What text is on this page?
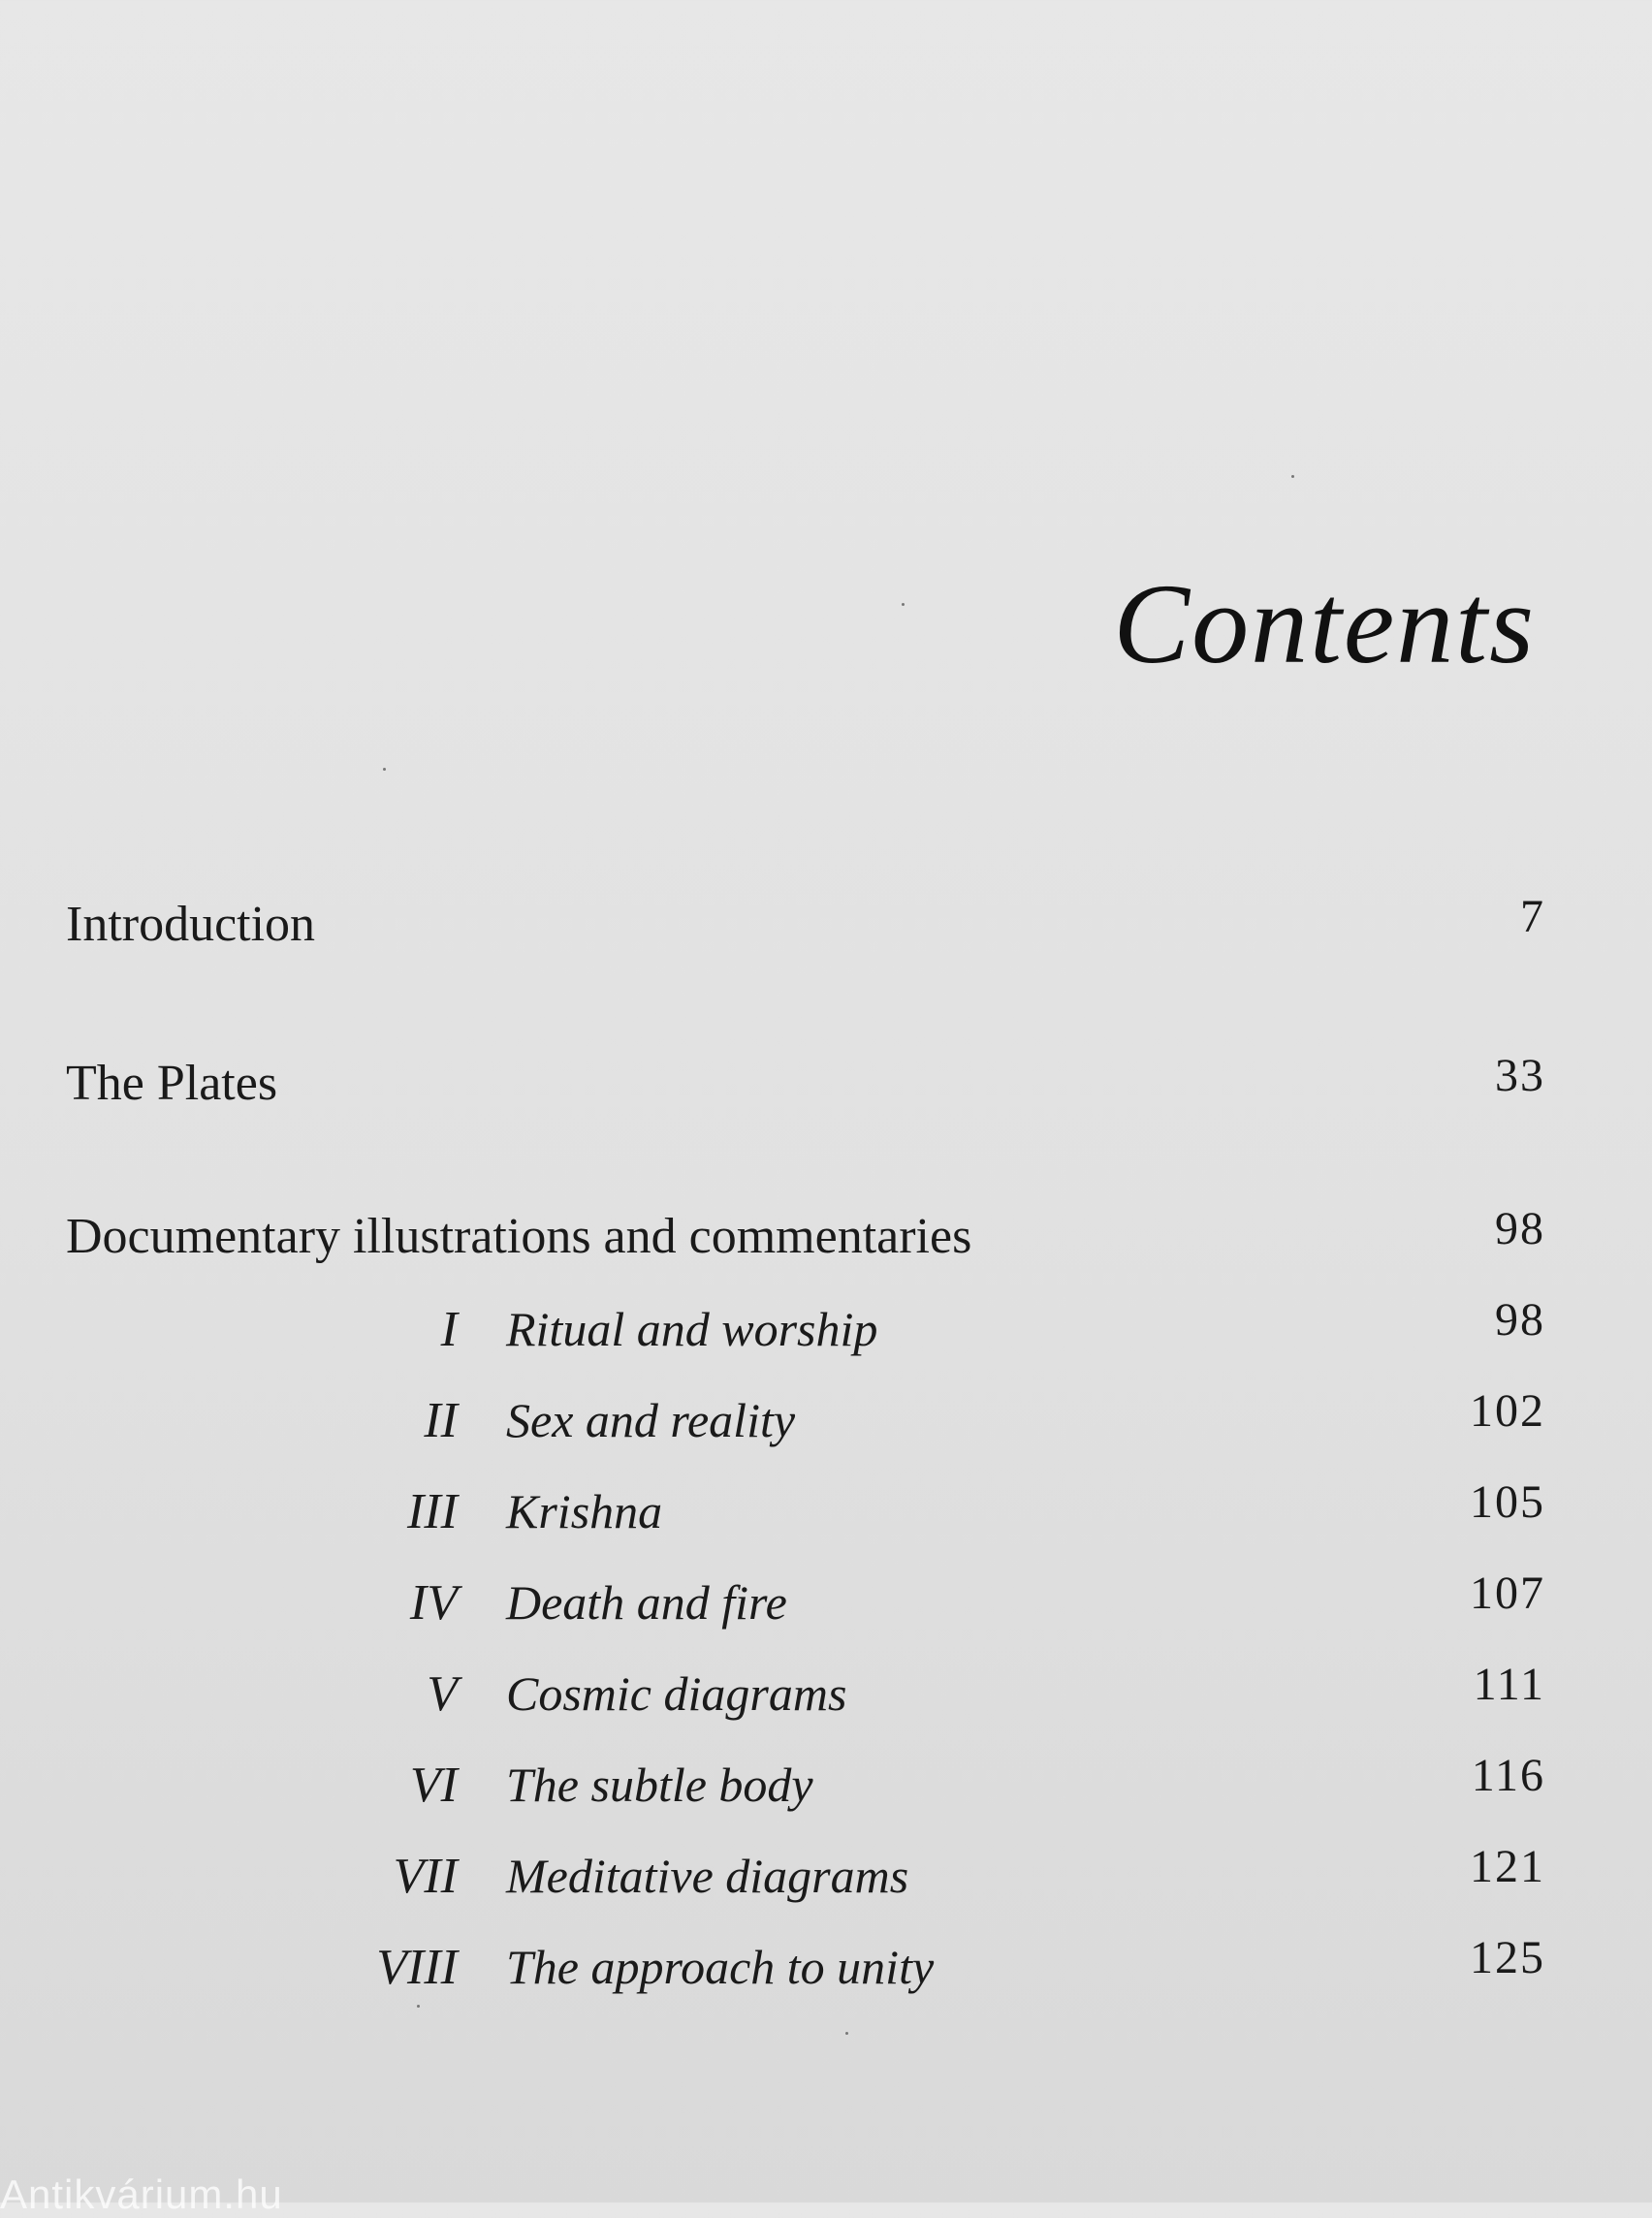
Contents
Introduction	7
The Plates	33
Documentary illustrations and commentaries	98
I Ritual and worship	98
II Sex and reality	102
III Krishna	105
IV Death and fire	107
V Cosmic diagrams	111
VI The subtle body	116
VII Meditative diagrams	121
VIII The approach to unity	125
Antikvárium.hu
